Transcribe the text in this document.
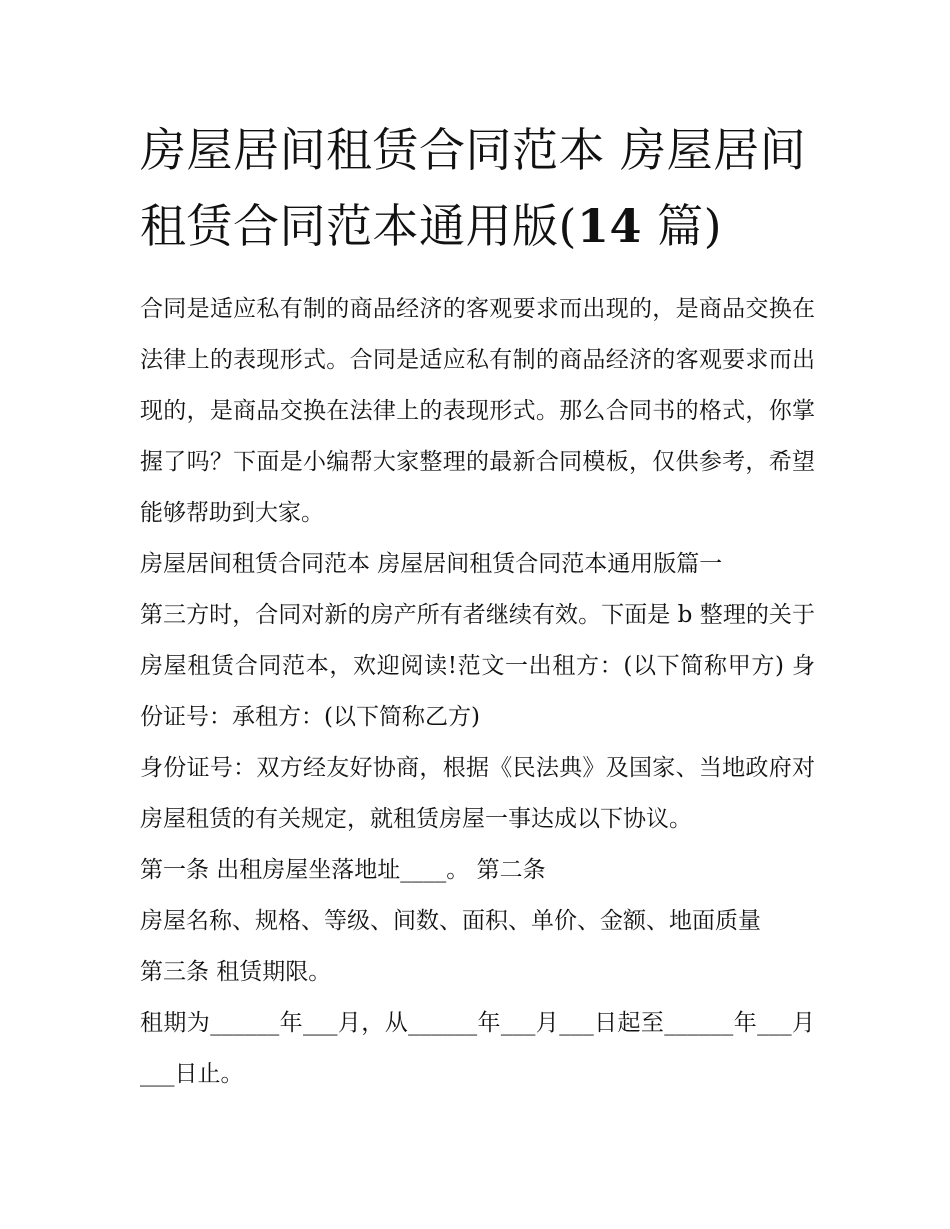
房屋居间租赁合同范本 房屋居间租赁合同范本通用版(14 篇)

合同是适应私有制的商品经济的客观要求而出现的，是商品交换在法律上的表现形式。合同是适应私有制的商品经济的客观要求而出现的，是商品交换在法律上的表现形式。那么合同书的格式，你掌握了吗？下面是小编帮大家整理的最新合同模板，仅供参考，希望能够帮助到大家。

房屋居间租赁合同范本 房屋居间租赁合同范本通用版篇一

第三方时，合同对新的房产所有者继续有效。下面是 b 整理的关于房屋租赁合同范本，欢迎阅读!范文一出租方：(以下简称甲方) 身份证号：承租方：(以下简称乙方)

身份证号：双方经友好协商，根据《民法典》及国家、当地政府对房屋租赁的有关规定，就租赁房屋一事达成以下协议。

第一条 出租房屋坐落地址____。 第二条

房屋名称、规格、等级、间数、面积、单价、金额、地面质量

第三条 租赁期限。

租期为______年___月，从______年___月___日起至______年___月___日止。
